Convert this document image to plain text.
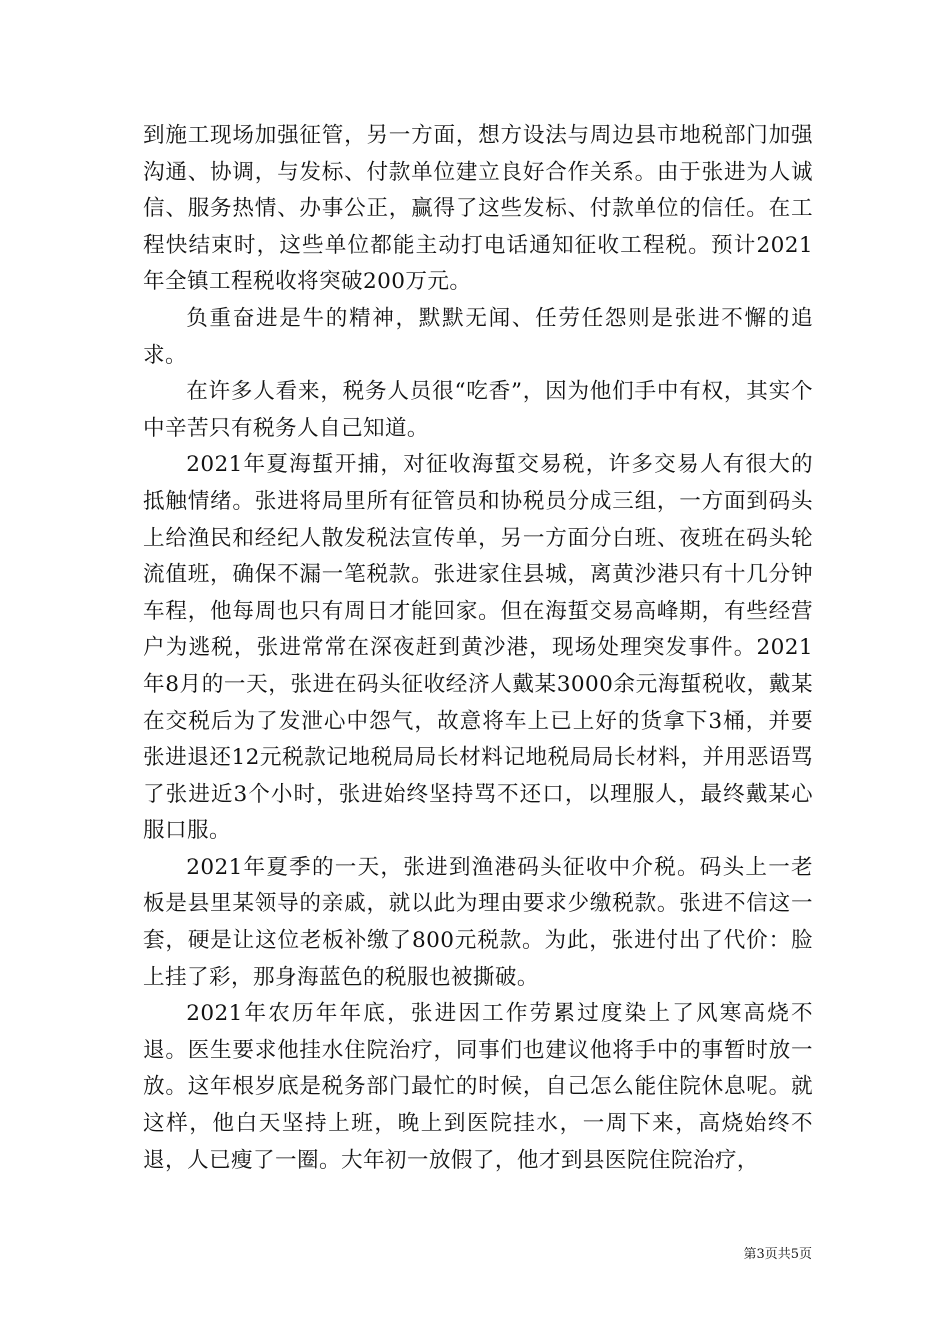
到施工现场加强征管，另一方面，想方设法与周边县市地税部门加强沟通、协调，与发标、付款单位建立良好合作关系。由于张进为人诚信、服务热情、办事公正，赢得了这些发标、付款单位的信任。在工程快结束时，这些单位都能主动打电话通知征收工程税。预计2021年全镇工程税收将突破200万元。

负重奋进是牛的精神，默默无闻、任劳任怨则是张进不懈的追求。

在许多人看来，税务人员很“吃香”，因为他们手中有权，其实个中辛苦只有税务人自己知道。

2021年夏海蜇开捕，对征收海蜇交易税，许多交易人有很大的抵触情绪。张进将局里所有征管员和协税员分成三组，一方面到码头上给渔民和经纪人散发税法宣传单，另一方面分白班、夜班在码头轮流值班，确保不漏一笔税款。张进家住县城，离黄沙港只有十几分钟车程，他每周也只有周日才能回家。但在海蜇交易高峰期，有些经营户为逃税，张进常常在深夜赶到黄沙港，现场处理突发事件。2021年8月的一天，张进在码头征收经济人戴某3000余元海蜇税收，戴某在交税后为了发泄心中怨气，故意将车上已上好的货拿下3桶，并要张进退还12元税款记地税局局长材料记地税局局长材料，并用恶语骂了张进近3个小时，张进始终坚持骂不还口，以理服人，最终戴某心服口服。

2021年夏季的一天，张进到渔港码头征收中介税。码头上一老板是县里某领导的亲戚，就以此为理由要求少缴税款。张进不信这一套，硬是让这位老板补缴了800元税款。为此，张进付出了代价：脸上挂了彩，那身海蓝色的税服也被撕破。

2021年农历年年底，张进因工作劳累过度染上了风寒高烧不退。医生要求他挂水住院治疗，同事们也建议他将手中的事暂时放一放。这年根岁底是税务部门最忙的时候，自己怎么能住院休息呢。就这样，他白天坚持上班，晚上到医院挂水，一周下来，高烧始终不退，人已瘦了一圈。大年初一放假了，他才到县医院住院治疗，

第3页共5页
